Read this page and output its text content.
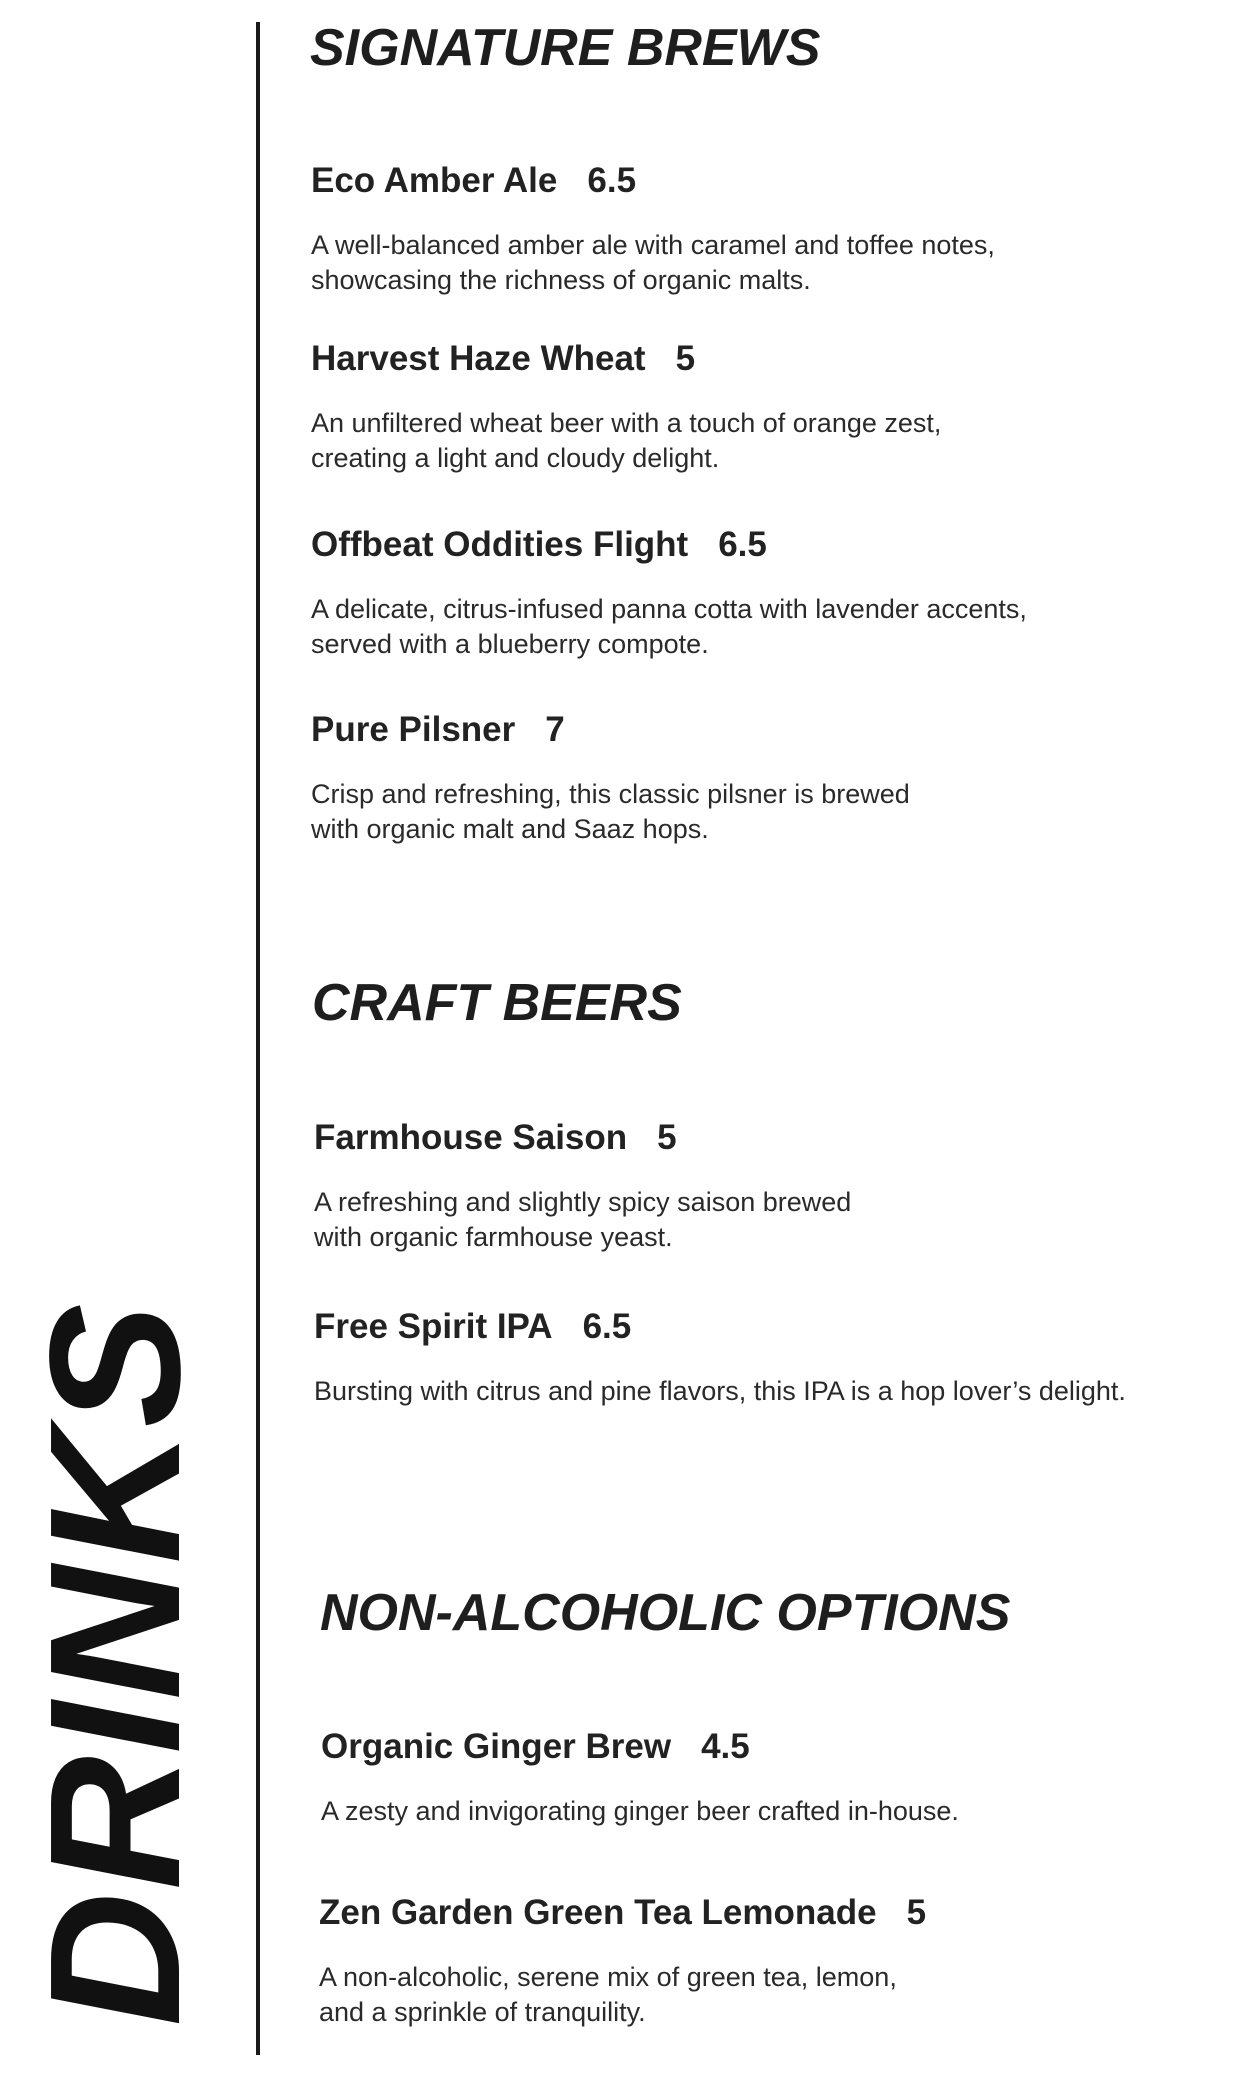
DRINKS
SIGNATURE BREWS
Eco Amber Ale 6.5
A well-balanced amber ale with caramel and toffee notes,
showcasing the richness of organic malts.
Harvest Haze Wheat 5
An unfiltered wheat beer with a touch of orange zest,
creating a light and cloudy delight.
Offbeat Oddities Flight 6.5
A delicate, citrus-infused panna cotta with lavender accents,
served with a blueberry compote.
Pure Pilsner 7
Crisp and refreshing, this classic pilsner is brewed
with organic malt and Saaz hops.
CRAFT BEERS
Farmhouse Saison 5
A refreshing and slightly spicy saison brewed
with organic farmhouse yeast.
Free Spirit IPA 6.5
Bursting with citrus and pine flavors, this IPA is a hop lover’s delight.
NON-ALCOHOLIC OPTIONS
Organic Ginger Brew 4.5
A zesty and invigorating ginger beer crafted in-house.
Zen Garden Green Tea Lemonade 5
A non-alcoholic, serene mix of green tea, lemon,
and a sprinkle of tranquility.
